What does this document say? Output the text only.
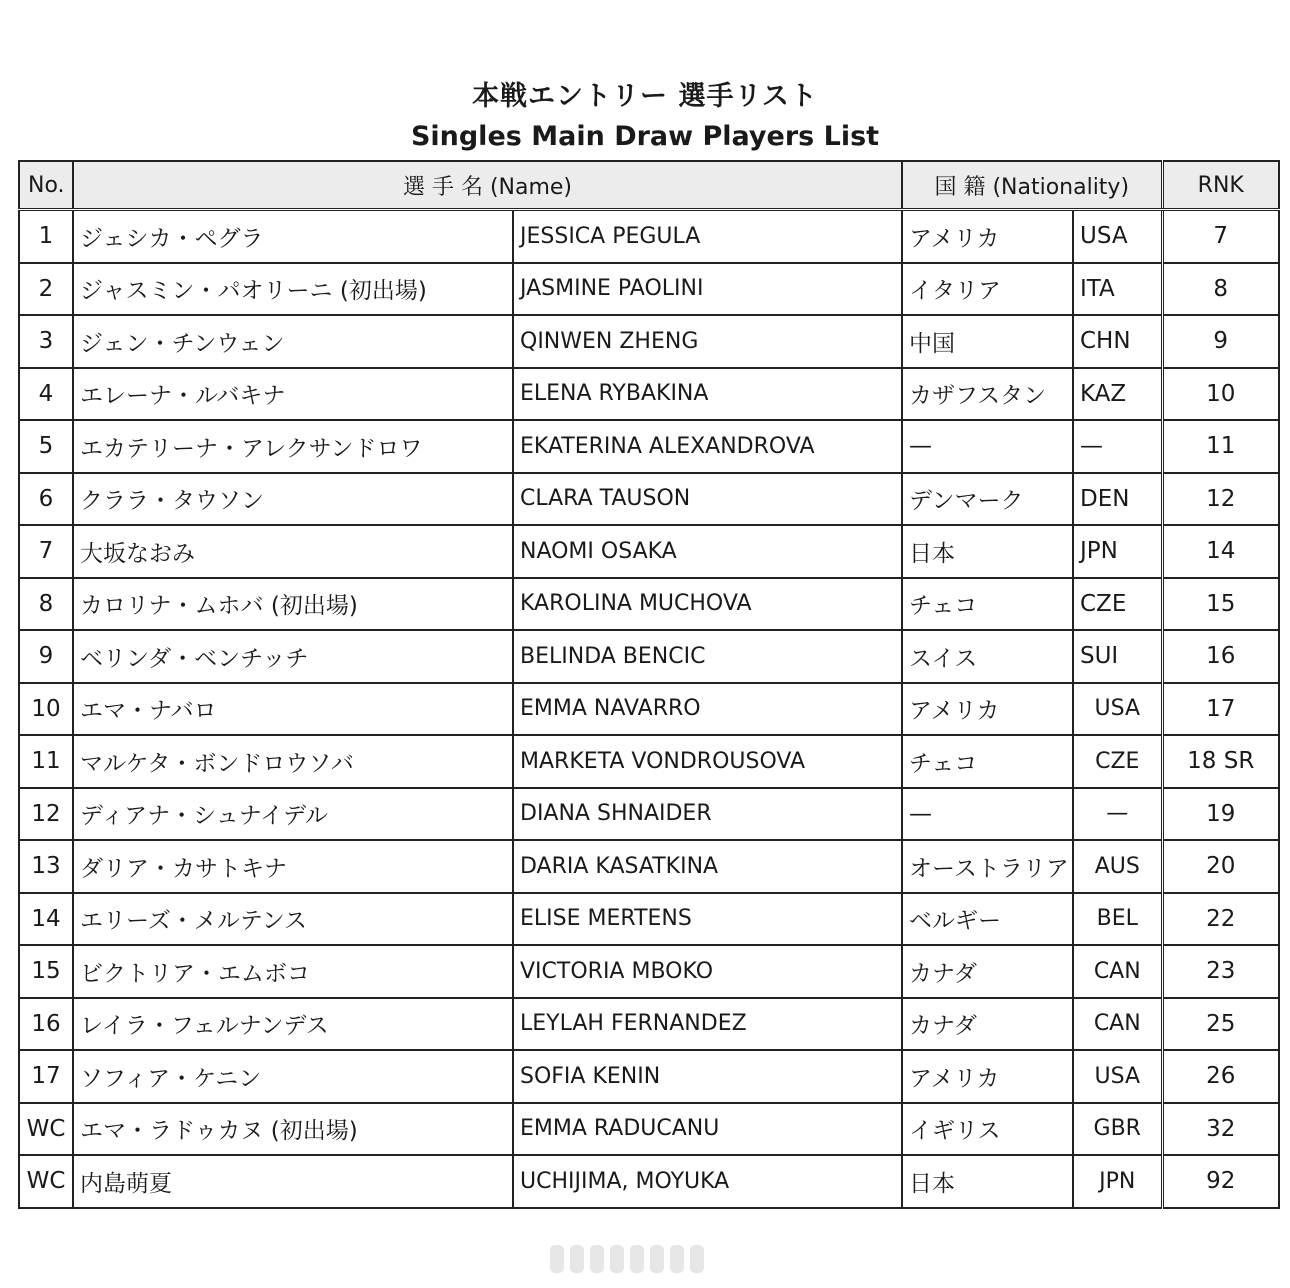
本戦エントリー 選手リスト
Singles Main Draw Players List
No.	選 手 名 (Name)		国 籍 (Nationality)		RNK
1	ジェシカ・ペグラ	JESSICA PEGULA	アメリカ	USA	7
2	ジャスミン・パオリーニ (初出場)	JASMINE PAOLINI	イタリア	ITA	8
3	ジェン・チンウェン	QINWEN ZHENG	中国	CHN	9
4	エレーナ・ルバキナ	ELENA RYBAKINA	カザフスタン	KAZ	10
5	エカテリーナ・アレクサンドロワ	EKATERINA ALEXANDROVA	—	—	11
6	クララ・タウソン	CLARA TAUSON	デンマーク	DEN	12
7	大坂なおみ	NAOMI OSAKA	日本	JPN	14
8	カロリナ・ムホバ (初出場)	KAROLINA MUCHOVA	チェコ	CZE	15
9	ベリンダ・ベンチッチ	BELINDA BENCIC	スイス	SUI	16
10	エマ・ナバロ	EMMA NAVARRO	アメリカ	USA	17
11	マルケタ・ボンドロウソバ	MARKETA VONDROUSOVA	チェコ	CZE	18 SR
12	ディアナ・シュナイデル	DIANA SHNAIDER	—	—	19
13	ダリア・カサトキナ	DARIA KASATKINA	オーストラリア	AUS	20
14	エリーズ・メルテンス	ELISE MERTENS	ベルギー	BEL	22
15	ビクトリア・エムボコ	VICTORIA MBOKO	カナダ	CAN	23
16	レイラ・フェルナンデス	LEYLAH FERNANDEZ	カナダ	CAN	25
17	ソフィア・ケニン	SOFIA KENIN	アメリカ	USA	26
WC	エマ・ラドゥカヌ (初出場)	EMMA RADUCANU	イギリス	GBR	32
WC	内島萌夏	UCHIJIMA, MOYUKA	日本	JPN	92
